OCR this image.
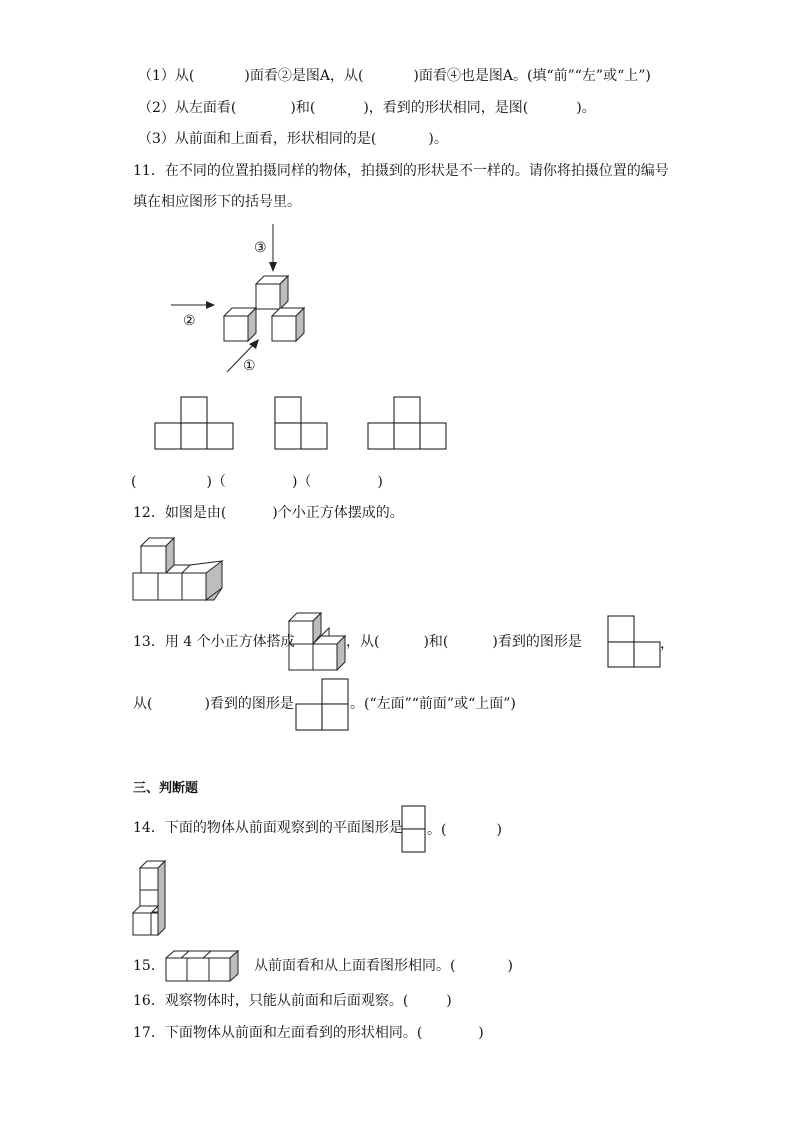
（1）从(	)面看②是图A，从(	)面看④也是图A。(填“前”“左”或“上”)
（2）从左面看(	)和(	)，看到的形状相同，是图(	)。
（3）从前面和上面看，形状相同的是(	)。
11．在不同的位置拍摄同样的物体，拍摄到的形状是不一样的。请你将拍摄位置的编号
填在相应图形下的括号里。
③
②
①
(	)（	)（	)
12．如图是由(	)个小正方体摆成的。
13．用 4 个小正方体搭成	，从(	)和(	)看到的图形是	，
从(	)看到的图形是	。(“左面”“前面”或“上面”)
三、判断题
14．下面的物体从前面观察到的平面图形是 。(	)
15．	从前面看和从上面看图形相同。(	)
16．观察物体时，只能从前面和后面观察。(	)
17．下面物体从前面和左面看到的形状相同。(	)
